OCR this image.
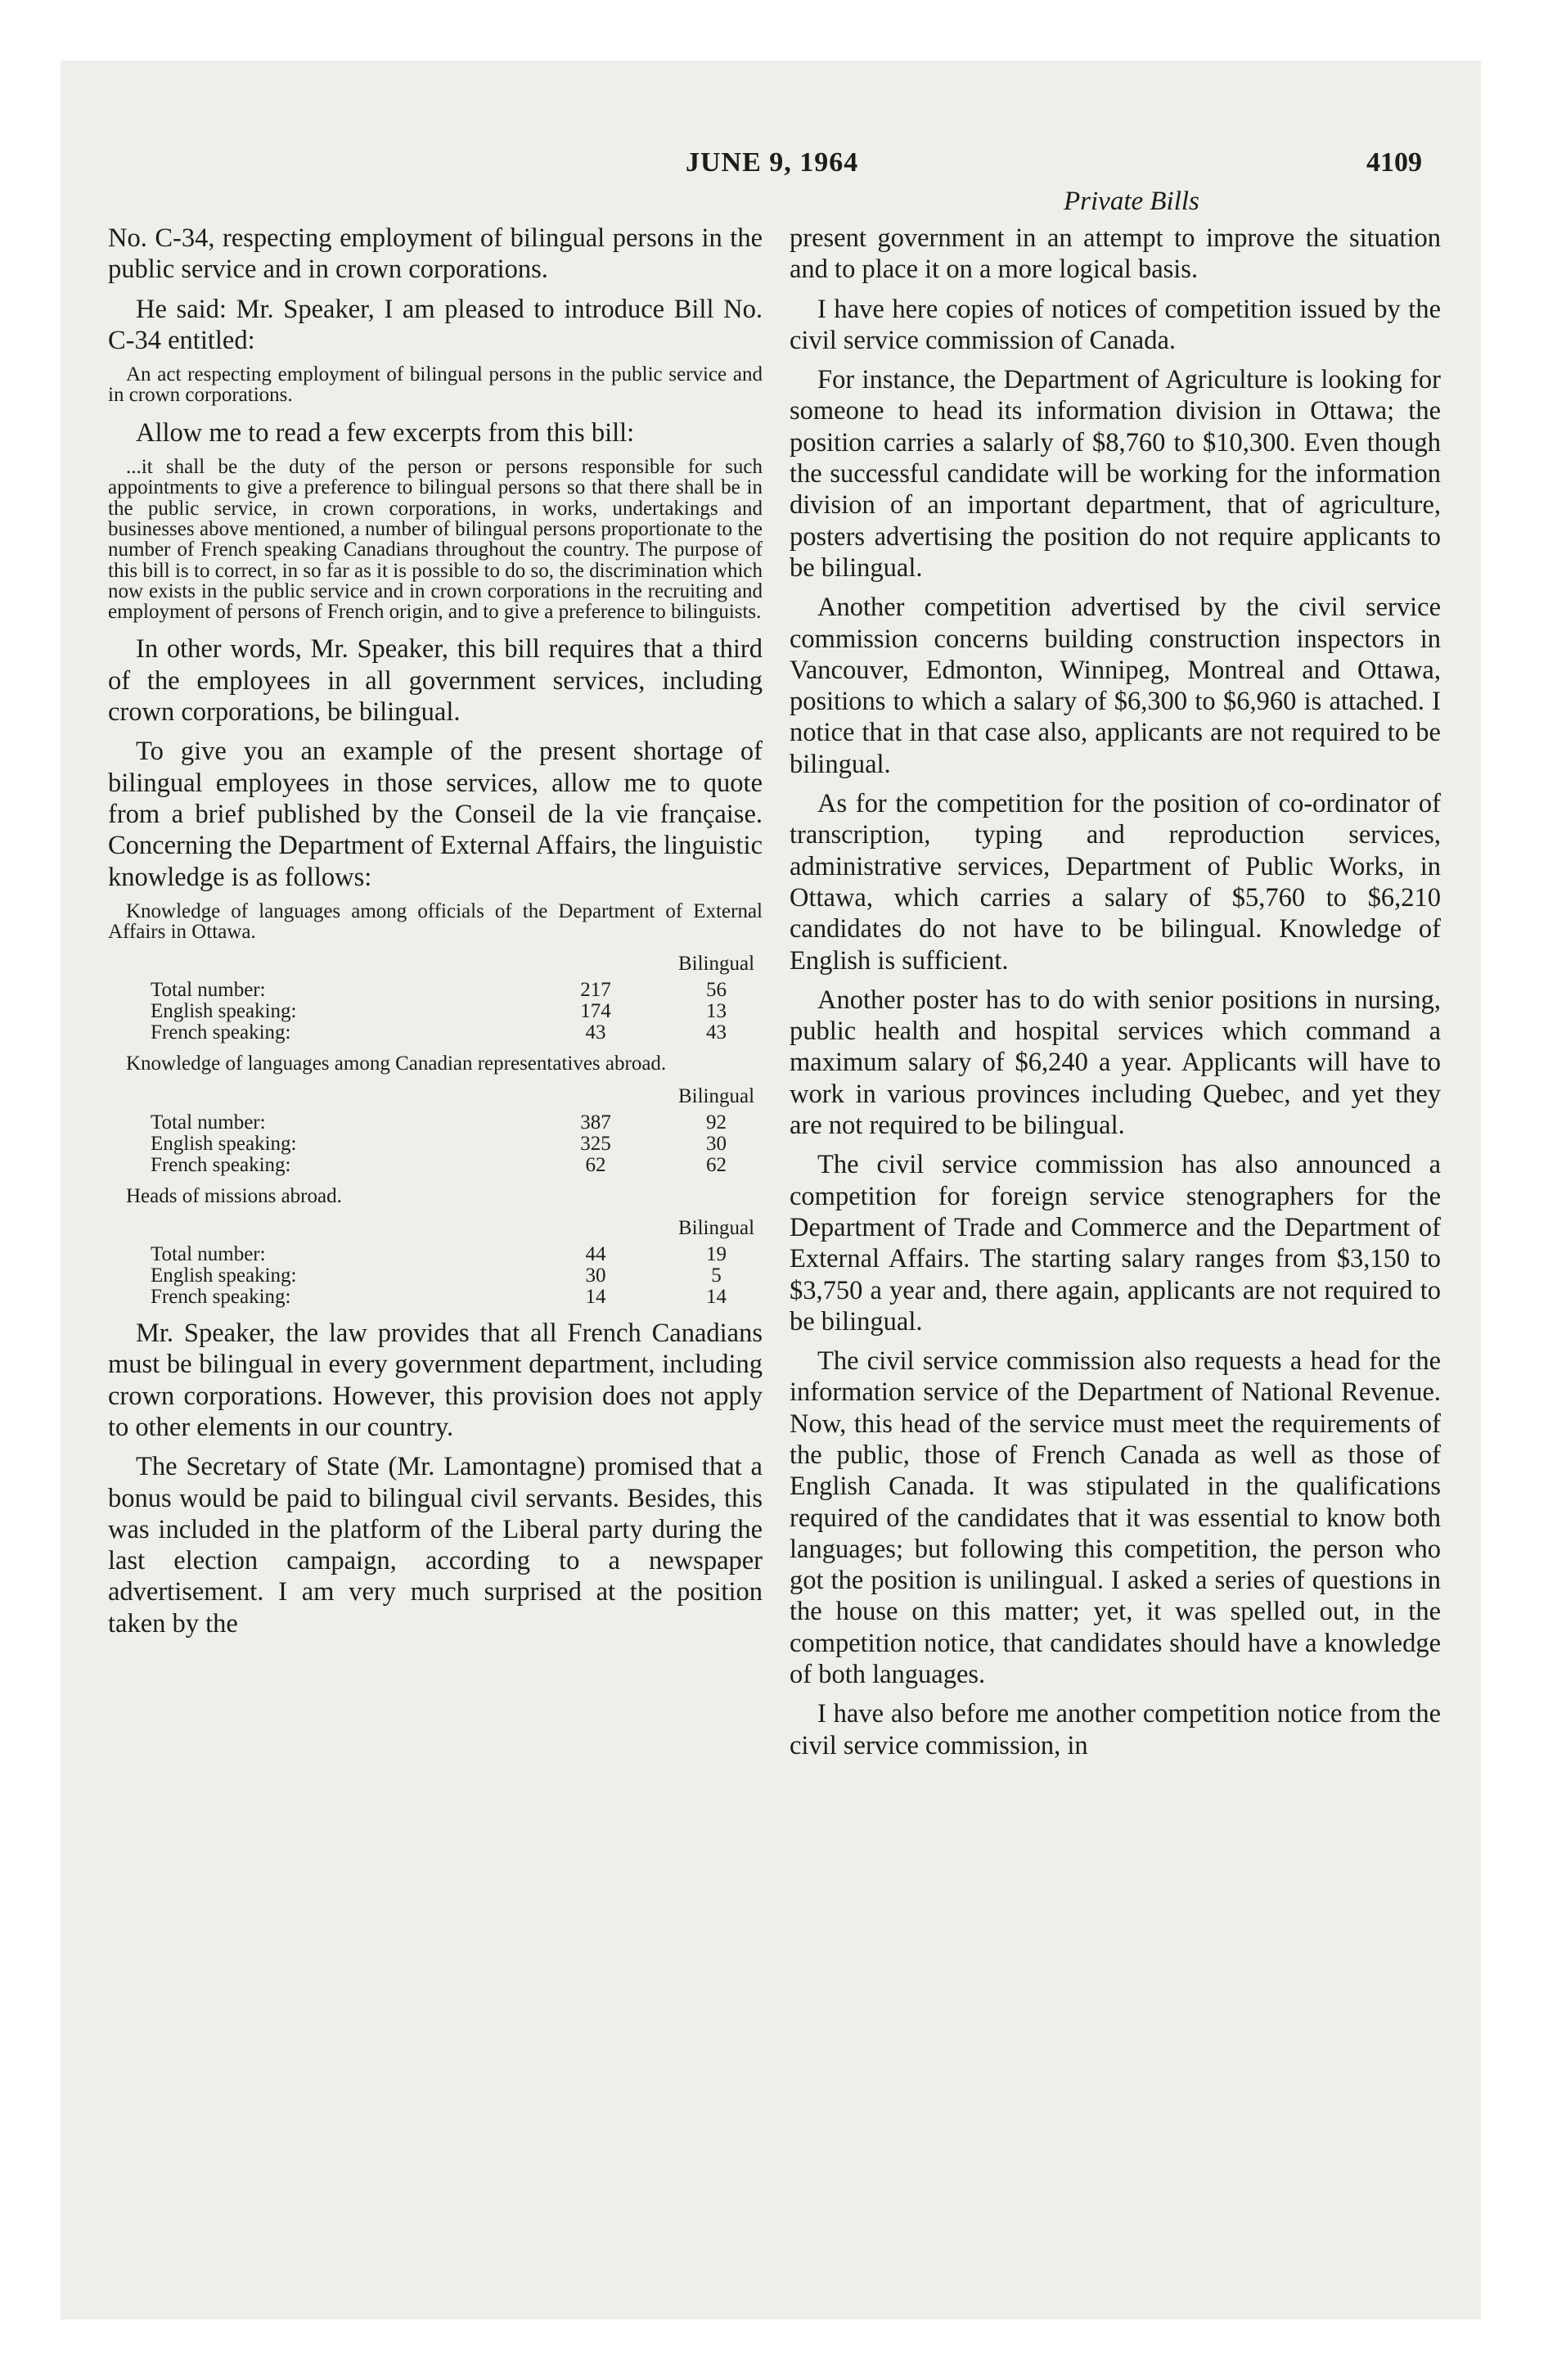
JUNE 9, 1964	4109
Private Bills

No. C-34, respecting employment of bilingual persons in the public service and in crown corporations.

He said: Mr. Speaker, I am pleased to introduce Bill No. C-34 entitled:

An act respecting employment of bilingual persons in the public service and in crown corporations.

Allow me to read a few excerpts from this bill:

...it shall be the duty of the person or persons responsible for such appointments to give a preference to bilingual persons so that there shall be in the public service, in crown corporations, in works, undertakings and businesses above mentioned, a number of bilingual persons proportionate to the number of French speaking Canadians throughout the country. The purpose of this bill is to correct, in so far as it is possible to do so, the discrimination which now exists in the public service and in crown corporations in the recruiting and employment of persons of French origin, and to give a preference to bilinguists.

In other words, Mr. Speaker, this bill requires that a third of the employees in all government services, including crown corporations, be bilingual.

To give you an example of the present shortage of bilingual employees in those services, allow me to quote from a brief published by the Conseil de la vie française. Concerning the Department of External Affairs, the linguistic knowledge is as follows:

Knowledge of languages among officials of the Department of External Affairs in Ottawa.

		Bilingual
Total number:	217	56
English speaking:	174	13
French speaking:	43	43

Knowledge of languages among Canadian representatives abroad.

		Bilingual
Total number:	387	92
English speaking:	325	30
French speaking:	62	62

Heads of missions abroad.

		Bilingual
Total number:	44	19
English speaking:	30	5
French speaking:	14	14

Mr. Speaker, the law provides that all French Canadians must be bilingual in every government department, including crown corporations. However, this provision does not apply to other elements in our country.

The Secretary of State (Mr. Lamontagne) promised that a bonus would be paid to bilingual civil servants. Besides, this was included in the platform of the Liberal party during the last election campaign, according to a newspaper advertisement. I am very much surprised at the position taken by the

present government in an attempt to improve the situation and to place it on a more logical basis.

I have here copies of notices of competition issued by the civil service commission of Canada.

For instance, the Department of Agriculture is looking for someone to head its information division in Ottawa; the position carries a salarly of $8,760 to $10,300. Even though the successful candidate will be working for the information division of an important department, that of agriculture, posters advertising the position do not require applicants to be bilingual.

Another competition advertised by the civil service commission concerns building construction inspectors in Vancouver, Edmonton, Winnipeg, Montreal and Ottawa, positions to which a salary of $6,300 to $6,960 is attached. I notice that in that case also, applicants are not required to be bilingual.

As for the competition for the position of co-ordinator of transcription, typing and reproduction services, administrative services, Department of Public Works, in Ottawa, which carries a salary of $5,760 to $6,210 candidates do not have to be bilingual. Knowledge of English is sufficient.

Another poster has to do with senior positions in nursing, public health and hospital services which command a maximum salary of $6,240 a year. Applicants will have to work in various provinces including Quebec, and yet they are not required to be bilingual.

The civil service commission has also announced a competition for foreign service stenographers for the Department of Trade and Commerce and the Department of External Affairs. The starting salary ranges from $3,150 to $3,750 a year and, there again, applicants are not required to be bilingual.

The civil service commission also requests a head for the information service of the Department of National Revenue. Now, this head of the service must meet the requirements of the public, those of French Canada as well as those of English Canada. It was stipulated in the qualifications required of the candidates that it was essential to know both languages; but following this competition, the person who got the position is unilingual. I asked a series of questions in the house on this matter; yet, it was spelled out, in the competition notice, that candidates should have a knowledge of both languages.

I have also before me another competition notice from the civil service commission, in
